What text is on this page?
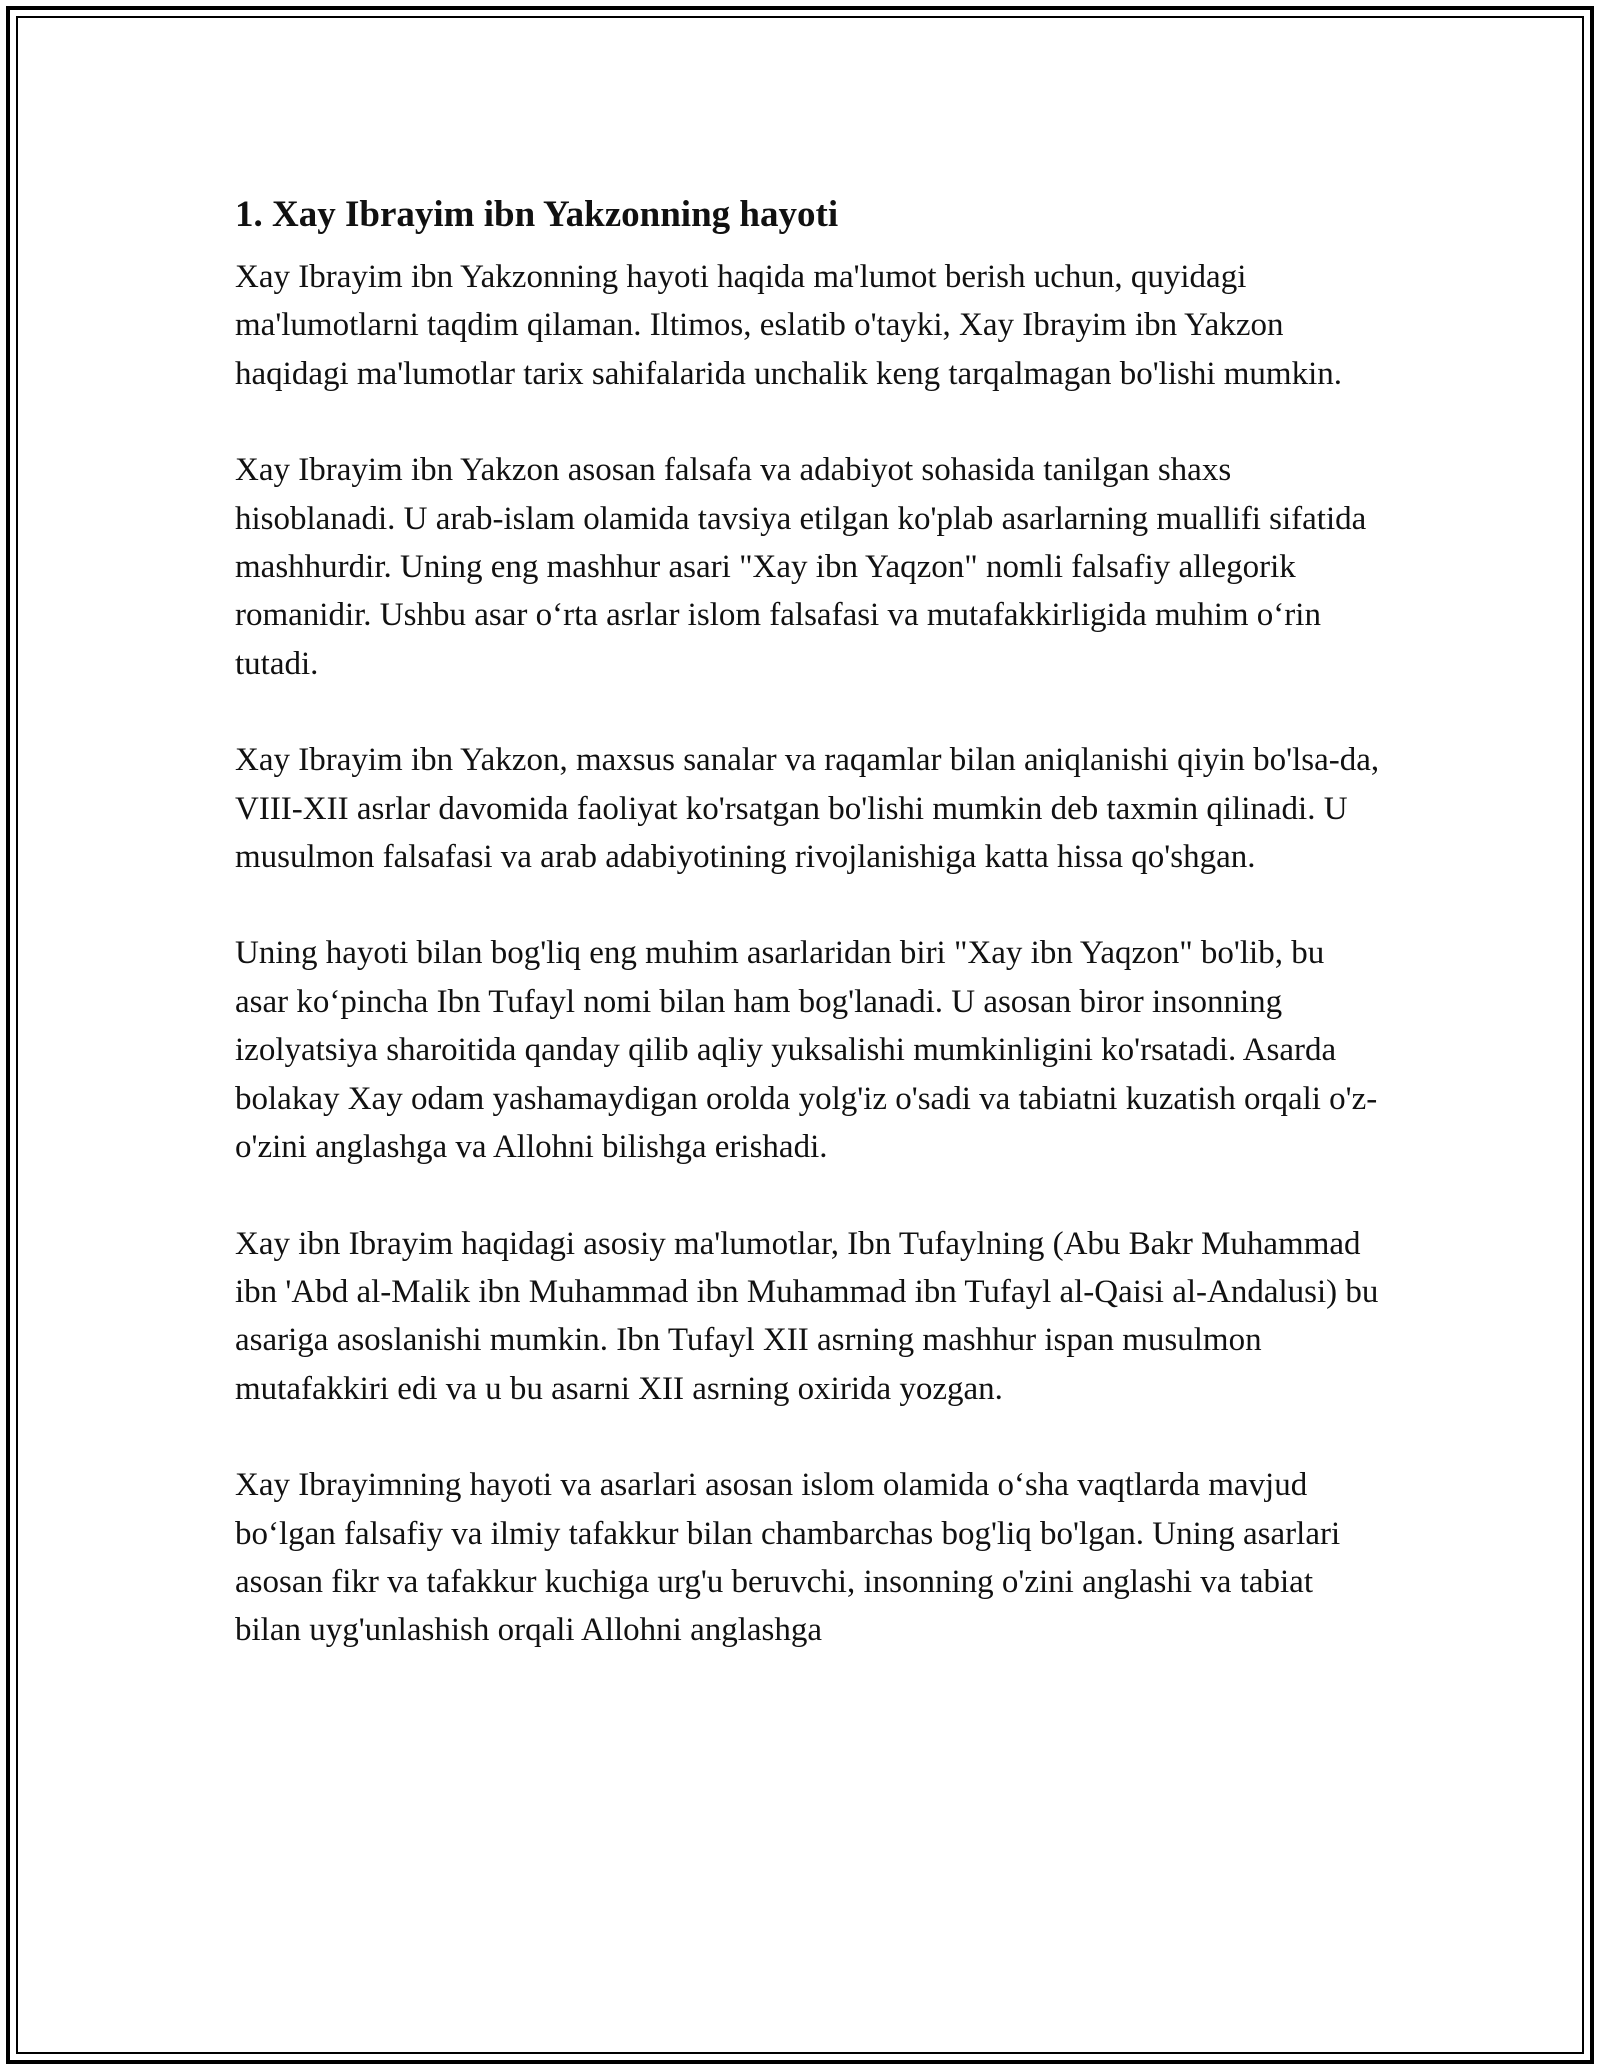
1. Xay Ibrayim ibn Yakzonning hayoti

Xay Ibrayim ibn Yakzonning hayoti haqida ma'lumot berish uchun, quyidagi ma'lumotlarni taqdim qilaman. Iltimos, eslatib o'tayki, Xay Ibrayim ibn Yakzon haqidagi ma'lumotlar tarix sahifalarida unchalik keng tarqalmagan bo'lishi mumkin.

Xay Ibrayim ibn Yakzon asosan falsafa va adabiyot sohasida tanilgan shaxs hisoblanadi. U arab-islam olamida tavsiya etilgan ko'plab asarlarning muallifi sifatida mashhurdir. Uning eng mashhur asari "Xay ibn Yaqzon" nomli falsafiy allegorik romanidir. Ushbu asar o‘rta asrlar islom falsafasi va mutafakkirligida muhim o‘rin tutadi.

Xay Ibrayim ibn Yakzon, maxsus sanalar va raqamlar bilan aniqlanishi qiyin bo'lsa-da, VIII-XII asrlar davomida faoliyat ko'rsatgan bo'lishi mumkin deb taxmin qilinadi. U musulmon falsafasi va arab adabiyotining rivojlanishiga katta hissa qo'shgan.

Uning hayoti bilan bog'liq eng muhim asarlaridan biri "Xay ibn Yaqzon" bo'lib, bu asar ko‘pincha Ibn Tufayl nomi bilan ham bog'lanadi. U asosan biror insonning izolyatsiya sharoitida qanday qilib aqliy yuksalishi mumkinligini ko'rsatadi. Asarda bolakay Xay odam yashamaydigan orolda yolg'iz o'sadi va tabiatni kuzatish orqali o'z-o'zini anglashga va Allohni bilishga erishadi.

Xay ibn Ibrayim haqidagi asosiy ma'lumotlar, Ibn Tufaylning (Abu Bakr Muhammad ibn 'Abd al-Malik ibn Muhammad ibn Muhammad ibn Tufayl al-Qaisi al-Andalusi) bu asariga asoslanishi mumkin. Ibn Tufayl XII asrning mashhur ispan musulmon mutafakkiri edi va u bu asarni XII asrning oxirida yozgan.

Xay Ibrayimning hayoti va asarlari asosan islom olamida o‘sha vaqtlarda mavjud bo‘lgan falsafiy va ilmiy tafakkur bilan chambarchas bog'liq bo'lgan. Uning asarlari asosan fikr va tafakkur kuchiga urg'u beruvchi, insonning o'zini anglashi va tabiat bilan uyg'unlashish orqali Allohni anglashga
